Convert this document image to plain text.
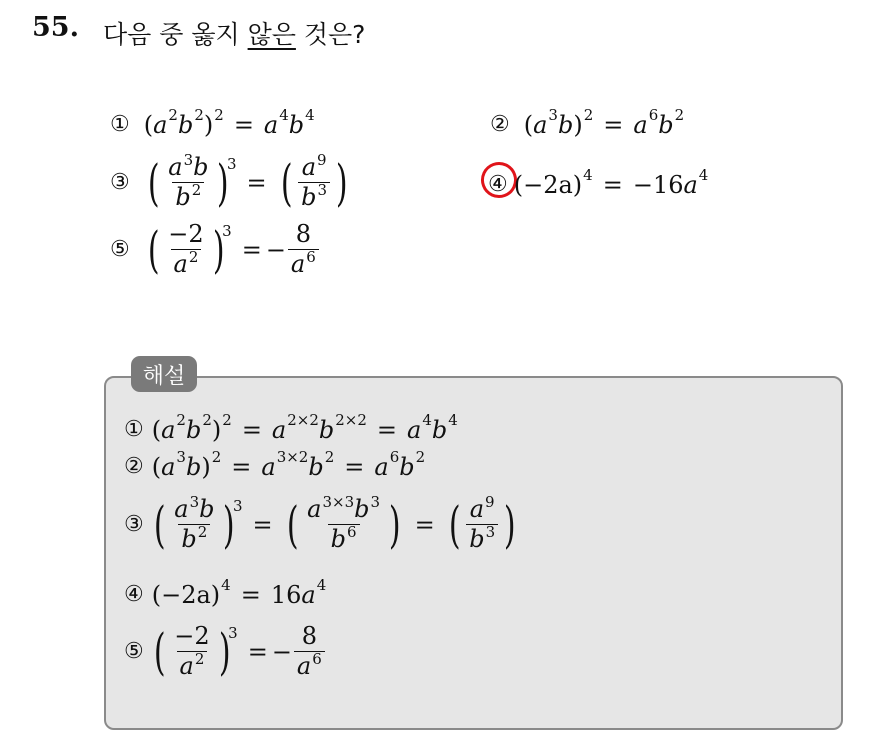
55. 다음 중 옳지 않은 것은?
① ( $a^2$ $b^2$ )$^2 = a^4$ $b^4$	② ( $a^3$ b )$^2 = a^6$ $b^2$
③ ( $\frac{a^3b}{b^2}$ )
3
= ( $\frac{a^9}{b^3}$ )	④ ( −2a )$^4$ = −16 $a^4$
⑤ ( $\frac{-2}{a^2}$ )
3
= − $\frac{8}{a^6}$
해설
① ( $a^2$ $b^2$ )$^2 = a^{2\times 2}$ $b^{2\times 2} = a^4$ $b^4$
② ( $a^3$ b )$^2 = a^{3\times 2}$ $b^2 = a^6$ $b^2$
③ ( $\frac{a^3b}{b^2}$ )
3
= ( $\frac{a^{3\times 3}b^3}{b^6}$ ) = ( $\frac{a^9}{b^3}$ )
④ ( −2a )$^4$ = 16 $a^4$
⑤ ( $\frac{-2}{a^2}$ )
3
= − $\frac{8}{a^6}$
